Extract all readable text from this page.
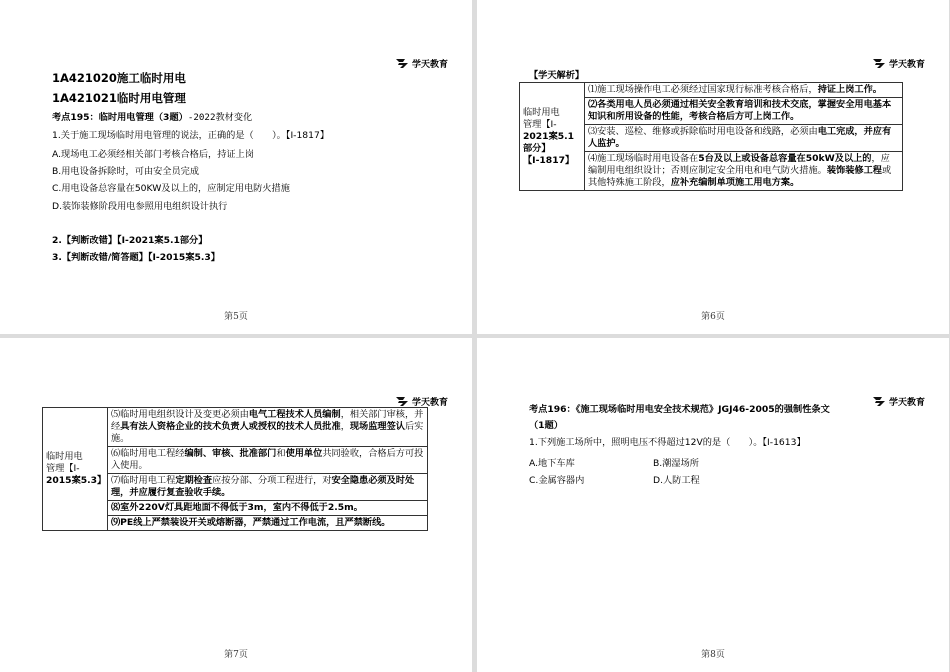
学天教育
1A421020施工临时用电
1A421021临时用电管理
考点195：临时用电管理（3题）-2022教材变化
1.关于施工现场临时用电管理的说法，正确的是（　　）。【Ⅰ-1817】
A.现场电工必须经相关部门考核合格后，持证上岗
B.用电设备拆除时，可由安全员完成
C.用电设备总容量在50KW及以上的，应制定用电防火措施
D.装饰装修阶段用电参照用电组织设计执行
2.【判断改错】【Ⅰ-2021案5.1部分】
3.【判断改错/简答题】【Ⅰ-2015案5.3】
第5页
学天教育
【学天解析】
临时用电
管理【Ⅰ-
2021案5.1
部分】
【Ⅰ-1817】
	⑴施工现场操作电工必须经过国家现行标准考核合格后，持证上岗工作。
⑵各类用电人员必须通过相关安全教育培训和技术交底，掌握安全用电基本知识和所用设备的性能，考核合格后方可上岗工作。
⑶安装、巡检、维修或拆除临时用电设备和线路，必须由电工完成，并应有人监护。
⑷施工现场临时用电设备在5台及以上或设备总容量在50kW及以上的，应编制用电组织设计；否则应制定安全用电和电气防火措施。装饰装修工程或其他特殊施工阶段，应补充编制单项施工用电方案。
第6页
学天教育
临时用电
管理【Ⅰ-
2015案5.3】
	⑸临时用电组织设计及变更必须由电气工程技术人员编制，相关部门审核，并经具有法人资格企业的技术负责人或授权的技术人员批准，现场监理签认后实施。
⑹临时用电工程经编制、审核、批准部门和使用单位共同验收，合格后方可投入使用。
⑺临时用电工程定期检查应按分部、分项工程进行，对安全隐患必须及时处理，并应履行复查验收手续。
⑻室外220V灯具距地面不得低于3m，室内不得低于2.5m。
⑼PE线上严禁装设开关或熔断器，严禁通过工作电流，且严禁断线。
第7页
学天教育
考点196：《施工现场临时用电安全技术规范》JGJ46-2005的强制性条文
（1题）
1.下列施工场所中，照明电压不得超过12V的是（　　）。【Ⅰ-1613】
A.地下车库	B.潮湿场所
C.金属容器内	D.人防工程
第8页
